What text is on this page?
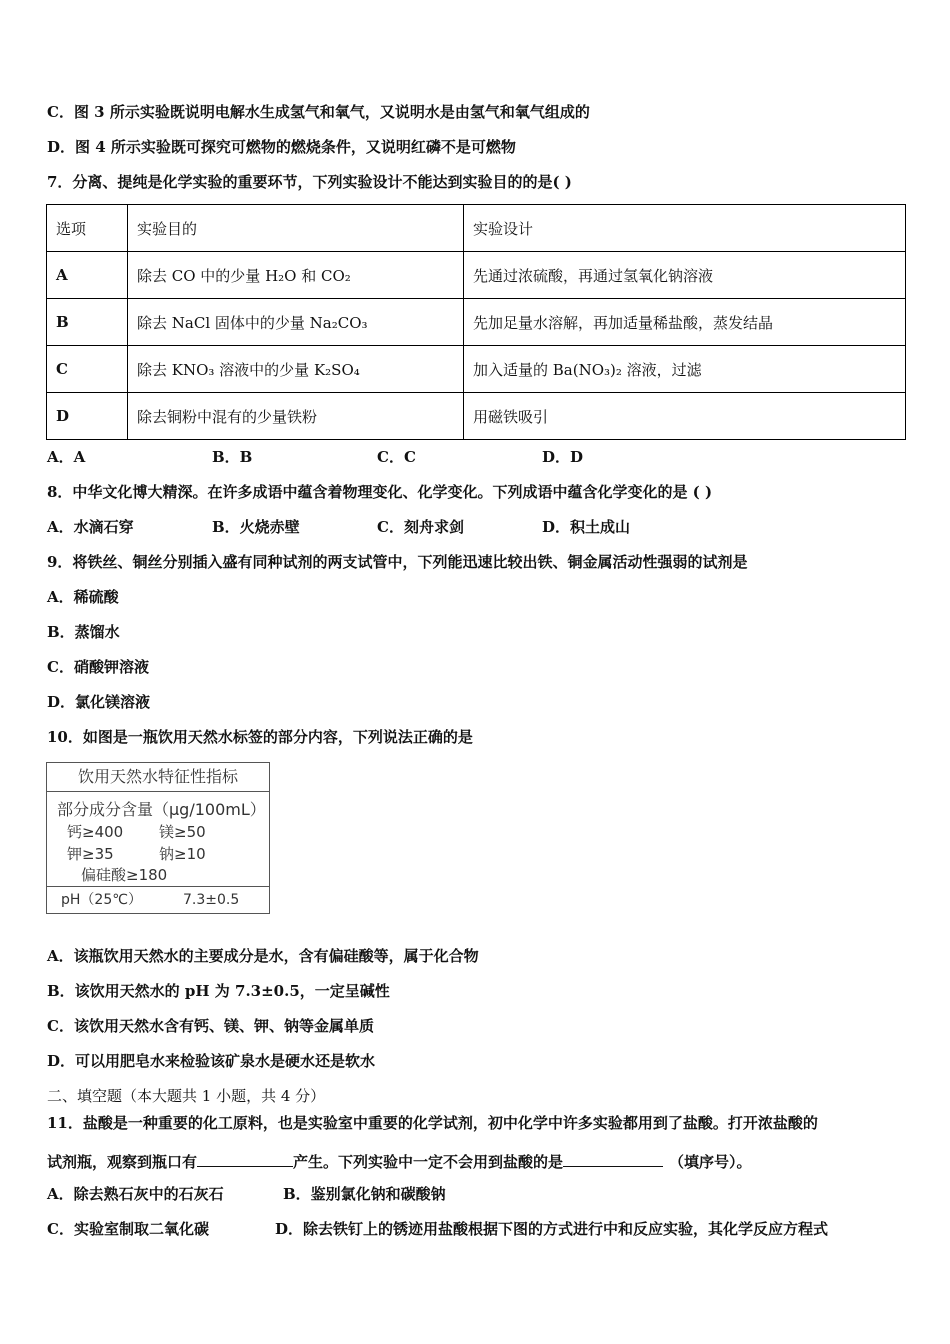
C．图 3 所示实验既说明电解水生成氢气和氧气，又说明水是由氢气和氧气组成的
D．图 4 所示实验既可探究可燃物的燃烧条件，又说明红磷不是可燃物
7．分离、提纯是化学实验的重要环节，下列实验设计不能达到实验目的的是( )
选项	实验目的	实验设计
A	除去 CO 中的少量 H₂O 和 CO₂	先通过浓硫酸，再通过氢氧化钠溶液
B	除去 NaCl 固体中的少量 Na₂CO₃	先加足量水溶解，再加适量稀盐酸，蒸发结晶
C	除去 KNO₃ 溶液中的少量 K₂SO₄	加入适量的 Ba(NO₃)₂ 溶液，过滤
D	除去铜粉中混有的少量铁粉	用磁铁吸引
A．A	B．B	C．C	D．D
8．中华文化博大精深。在许多成语中蕴含着物理变化、化学变化。下列成语中蕴含化学变化的是 ( )
A．水滴石穿	B．火烧赤壁	C．刻舟求剑	D．积土成山
9．将铁丝、铜丝分别插入盛有同种试剂的两支试管中，下列能迅速比较出铁、铜金属活动性强弱的试剂是
A．稀硫酸
B．蒸馏水
C．硝酸钾溶液
D．氯化镁溶液
10．如图是一瓶饮用天然水标签的部分内容，下列说法正确的是
饮用天然水特征性指标
部分成分含量（μg/100mL）
钙≥400 镁≥50
钾≥35	钠≥10
偏硅酸≥180
pH（25℃）	7.3±0.5
A．该瓶饮用天然水的主要成分是水，含有偏硅酸等，属于化合物
B．该饮用天然水的 pH 为 7.3±0.5，一定呈碱性
C．该饮用天然水含有钙、镁、钾、钠等金属单质
D．可以用肥皂水来检验该矿泉水是硬水还是软水
二、填空题（本大题共 1 小题，共 4 分）
11．盐酸是一种重要的化工原料，也是实验室中重要的化学试剂，初中化学中许多实验都用到了盐酸。打开浓盐酸的
试剂瓶，观察到瓶口有	产生。下列实验中一定不会用到盐酸的是	（填序号）。
A．除去熟石灰中的石灰石	B．鉴别氯化钠和碳酸钠
C．实验室制取二氧化碳	D．除去铁钉上的锈迹用盐酸根据下图的方式进行中和反应实验，其化学反应方程式
